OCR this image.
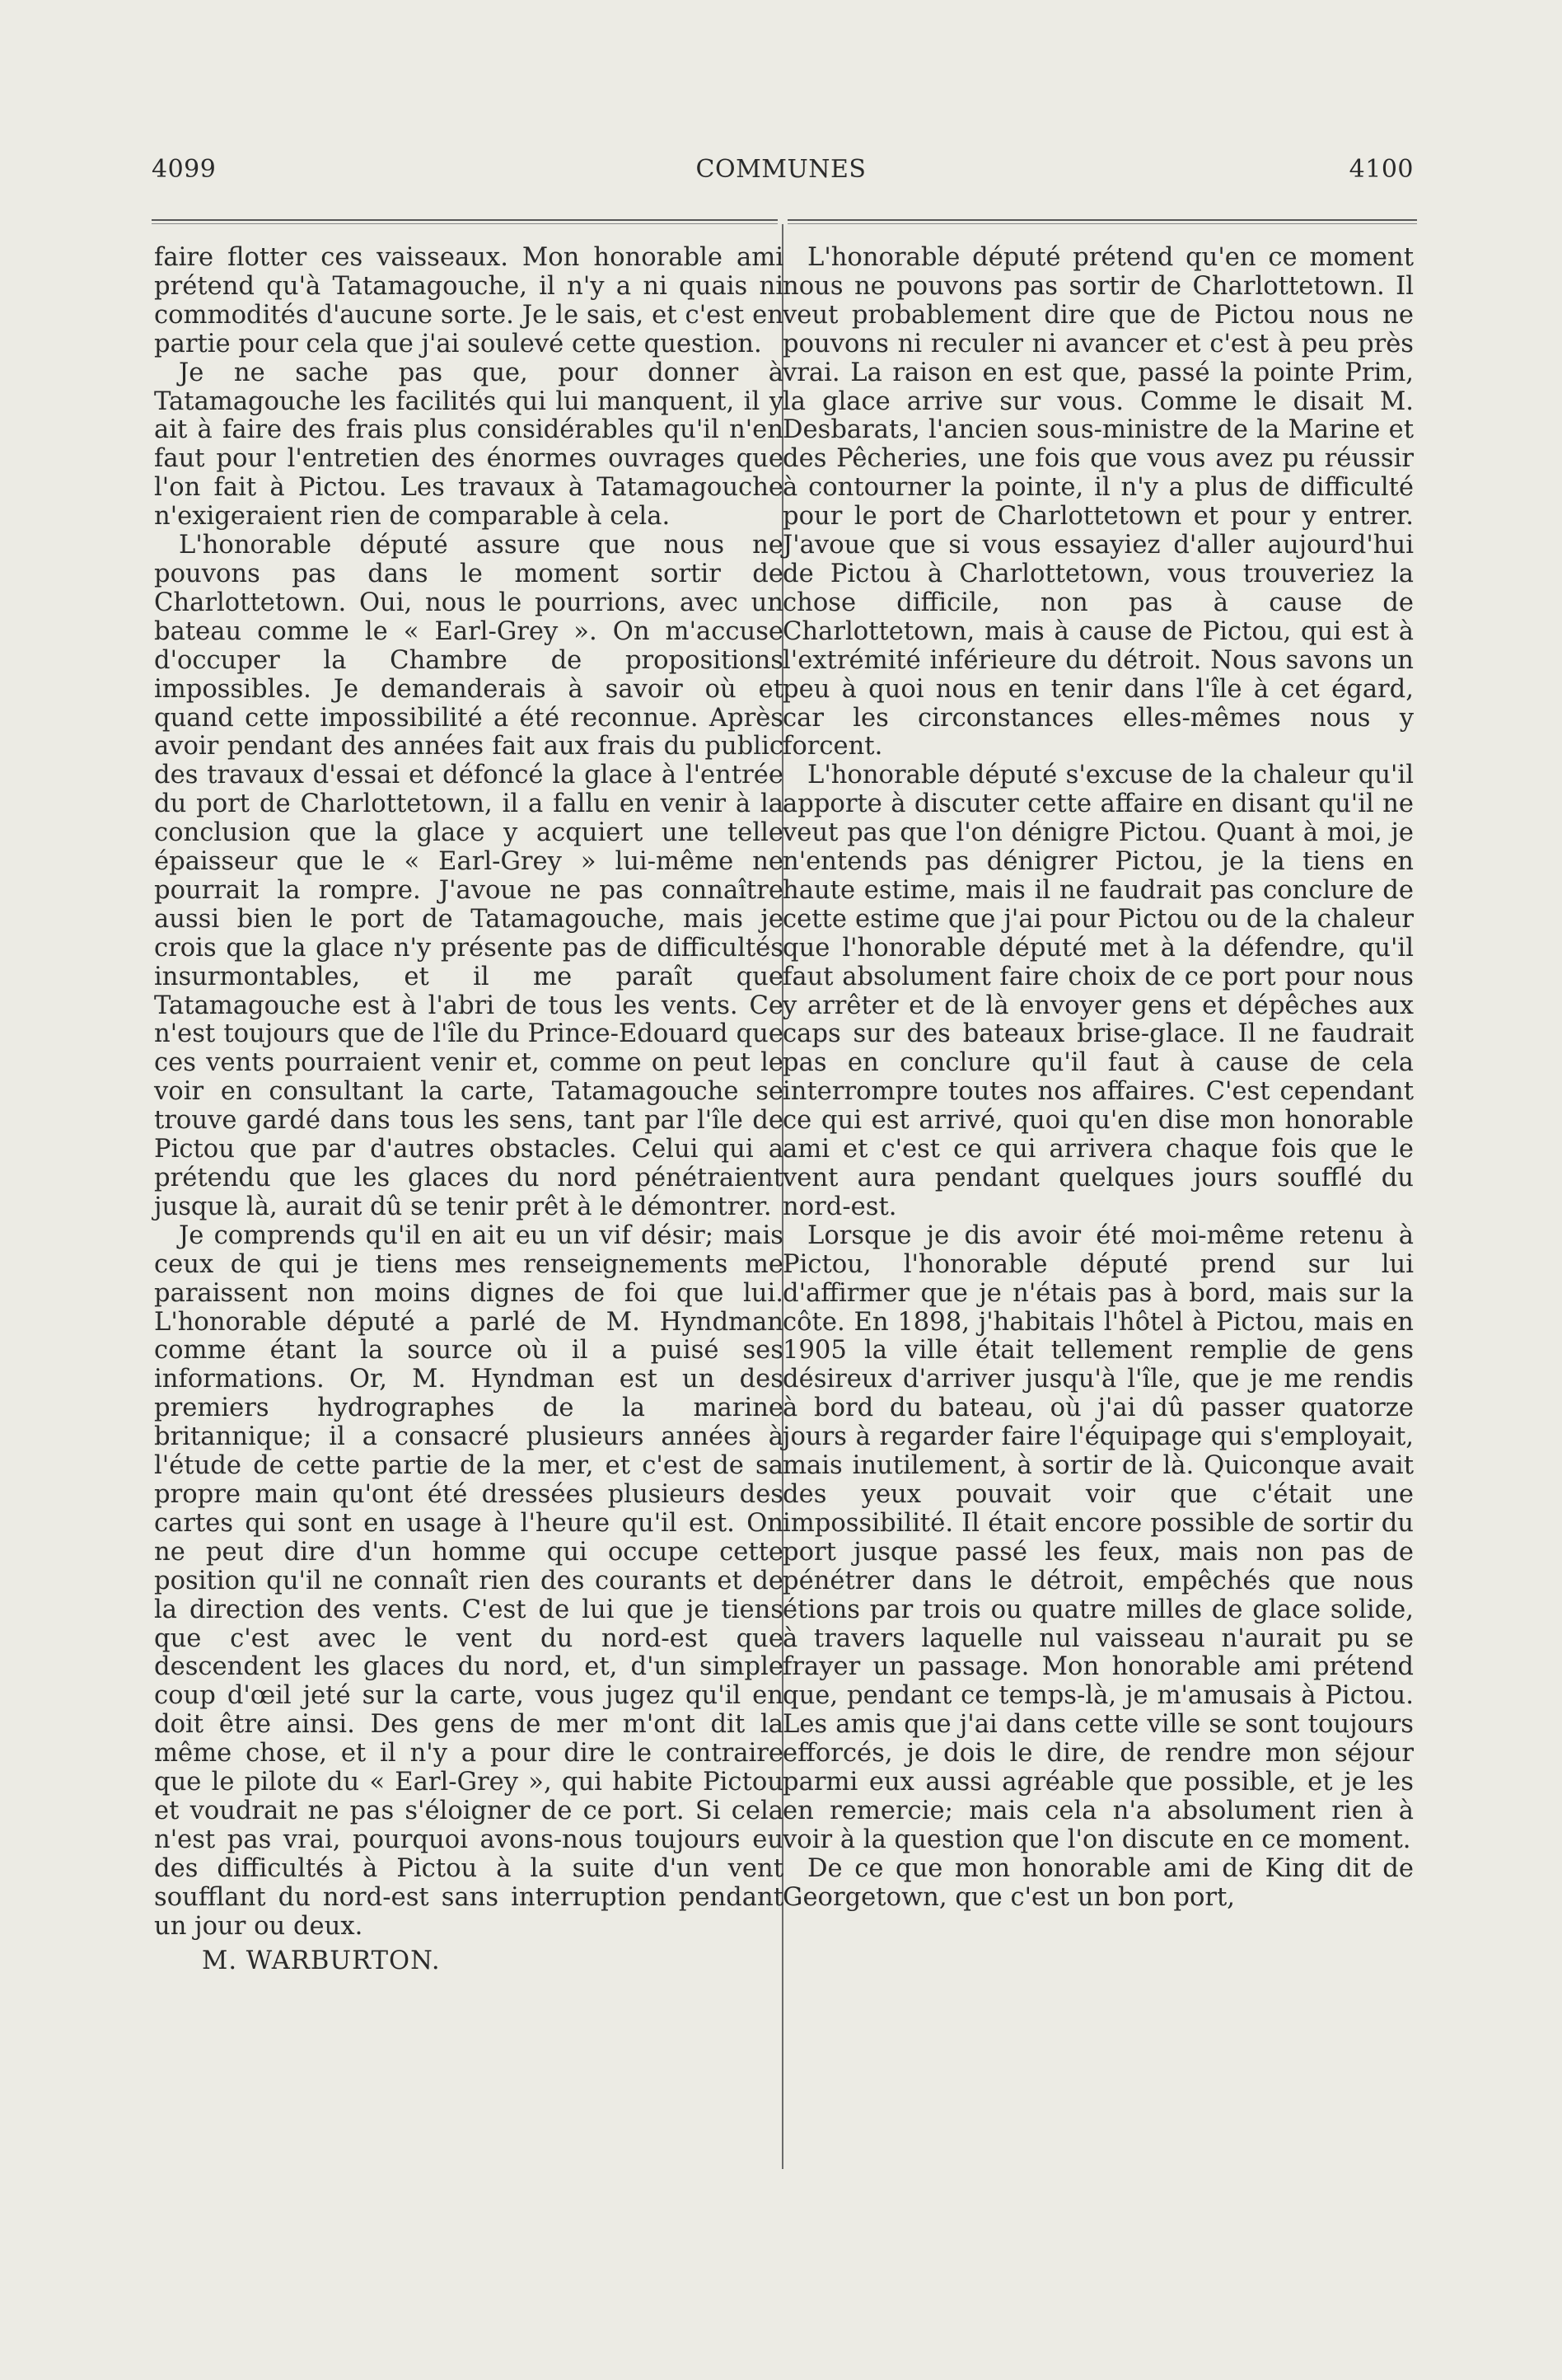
4099	COMMUNES	4100

faire flotter ces vaisseaux. Mon honorable ami prétend qu'à Tatamagouche, il n'y a ni quais ni commodités d'aucune sorte. Je le sais, et c'est en partie pour cela que j'ai soulevé cette question.

Je ne sache pas que, pour donner à Tatamagouche les facilités qui lui manquent, il y ait à faire des frais plus considérables qu'il n'en faut pour l'entretien des énormes ouvrages que l'on fait à Pictou. Les travaux à Tatamagouche n'exigeraient rien de comparable à cela.

L'honorable député assure que nous ne pouvons pas dans le moment sortir de Charlottetown. Oui, nous le pourrions, avec un bateau comme le « Earl-Grey ». On m'accuse d'occuper la Chambre de propositions impossibles. Je demanderais à savoir où et quand cette impossibilité a été reconnue. Après avoir pendant des années fait aux frais du public des travaux d'essai et défoncé la glace à l'entrée du port de Charlottetown, il a fallu en venir à la conclusion que la glace y acquiert une telle épaisseur que le « Earl-Grey » lui-même ne pourrait la rompre. J'avoue ne pas connaître aussi bien le port de Tatamagouche, mais je crois que la glace n'y présente pas de difficultés insurmontables, et il me paraît que Tatamagouche est à l'abri de tous les vents. Ce n'est toujours que de l'île du Prince-Edouard que ces vents pourraient venir et, comme on peut le voir en consultant la carte, Tatamagouche se trouve gardé dans tous les sens, tant par l'île de Pictou que par d'autres obstacles. Celui qui a prétendu que les glaces du nord pénétraient jusque là, aurait dû se tenir prêt à le démontrer.

Je comprends qu'il en ait eu un vif désir; mais ceux de qui je tiens mes renseignements me paraissent non moins dignes de foi que lui. L'honorable député a parlé de M. Hyndman comme étant la source où il a puisé ses informations. Or, M. Hyndman est un des premiers hydrographes de la marine britannique; il a consacré plusieurs années à l'étude de cette partie de la mer, et c'est de sa propre main qu'ont été dressées plusieurs des cartes qui sont en usage à l'heure qu'il est. On ne peut dire d'un homme qui occupe cette position qu'il ne connaît rien des courants et de la direction des vents. C'est de lui que je tiens que c'est avec le vent du nord-est que descendent les glaces du nord, et, d'un simple coup d'œil jeté sur la carte, vous jugez qu'il en doit être ainsi. Des gens de mer m'ont dit la même chose, et il n'y a pour dire le contraire que le pilote du « Earl-Grey », qui habite Pictou et voudrait ne pas s'éloigner de ce port. Si cela n'est pas vrai, pourquoi avons-nous toujours eu des difficultés à Pictou à la suite d'un vent soufflant du nord-est sans interruption pendant un jour ou deux.

M. WARBURTON.

L'honorable député prétend qu'en ce moment nous ne pouvons pas sortir de Charlottetown. Il veut probablement dire que de Pictou nous ne pouvons ni reculer ni avancer et c'est à peu près vrai. La raison en est que, passé la pointe Prim, la glace arrive sur vous. Comme le disait M. Desbarats, l'ancien sous-ministre de la Marine et des Pêcheries, une fois que vous avez pu réussir à contourner la pointe, il n'y a plus de difficulté pour le port de Charlottetown et pour y entrer. J'avoue que si vous essayiez d'aller aujourd'hui de Pictou à Charlottetown, vous trouveriez la chose difficile, non pas à cause de Charlottetown, mais à cause de Pictou, qui est à l'extrémité inférieure du détroit. Nous savons un peu à quoi nous en tenir dans l'île à cet égard, car les circonstances elles-mêmes nous y forcent.

L'honorable député s'excuse de la chaleur qu'il apporte à discuter cette affaire en disant qu'il ne veut pas que l'on dénigre Pictou. Quant à moi, je n'entends pas dénigrer Pictou, je la tiens en haute estime, mais il ne faudrait pas conclure de cette estime que j'ai pour Pictou ou de la chaleur que l'honorable député met à la défendre, qu'il faut absolument faire choix de ce port pour nous y arrêter et de là envoyer gens et dépêches aux caps sur des bateaux brise-glace. Il ne faudrait pas en conclure qu'il faut à cause de cela interrompre toutes nos affaires. C'est cependant ce qui est arrivé, quoi qu'en dise mon honorable ami et c'est ce qui arrivera chaque fois que le vent aura pendant quelques jours soufflé du nord-est.

Lorsque je dis avoir été moi-même retenu à Pictou, l'honorable député prend sur lui d'affirmer que je n'étais pas à bord, mais sur la côte. En 1898, j'habitais l'hôtel à Pictou, mais en 1905 la ville était tellement remplie de gens désireux d'arriver jusqu'à l'île, que je me rendis à bord du bateau, où j'ai dû passer quatorze jours à regarder faire l'équipage qui s'employait, mais inutilement, à sortir de là. Quiconque avait des yeux pouvait voir que c'était une impossibilité. Il était encore possible de sortir du port jusque passé les feux, mais non pas de pénétrer dans le détroit, empêchés que nous étions par trois ou quatre milles de glace solide, à travers laquelle nul vaisseau n'aurait pu se frayer un passage. Mon honorable ami prétend que, pendant ce temps-là, je m'amusais à Pictou. Les amis que j'ai dans cette ville se sont toujours efforcés, je dois le dire, de rendre mon séjour parmi eux aussi agréable que possible, et je les en remercie; mais cela n'a absolument rien à voir à la question que l'on discute en ce moment.

De ce que mon honorable ami de King dit de Georgetown, que c'est un bon port,
